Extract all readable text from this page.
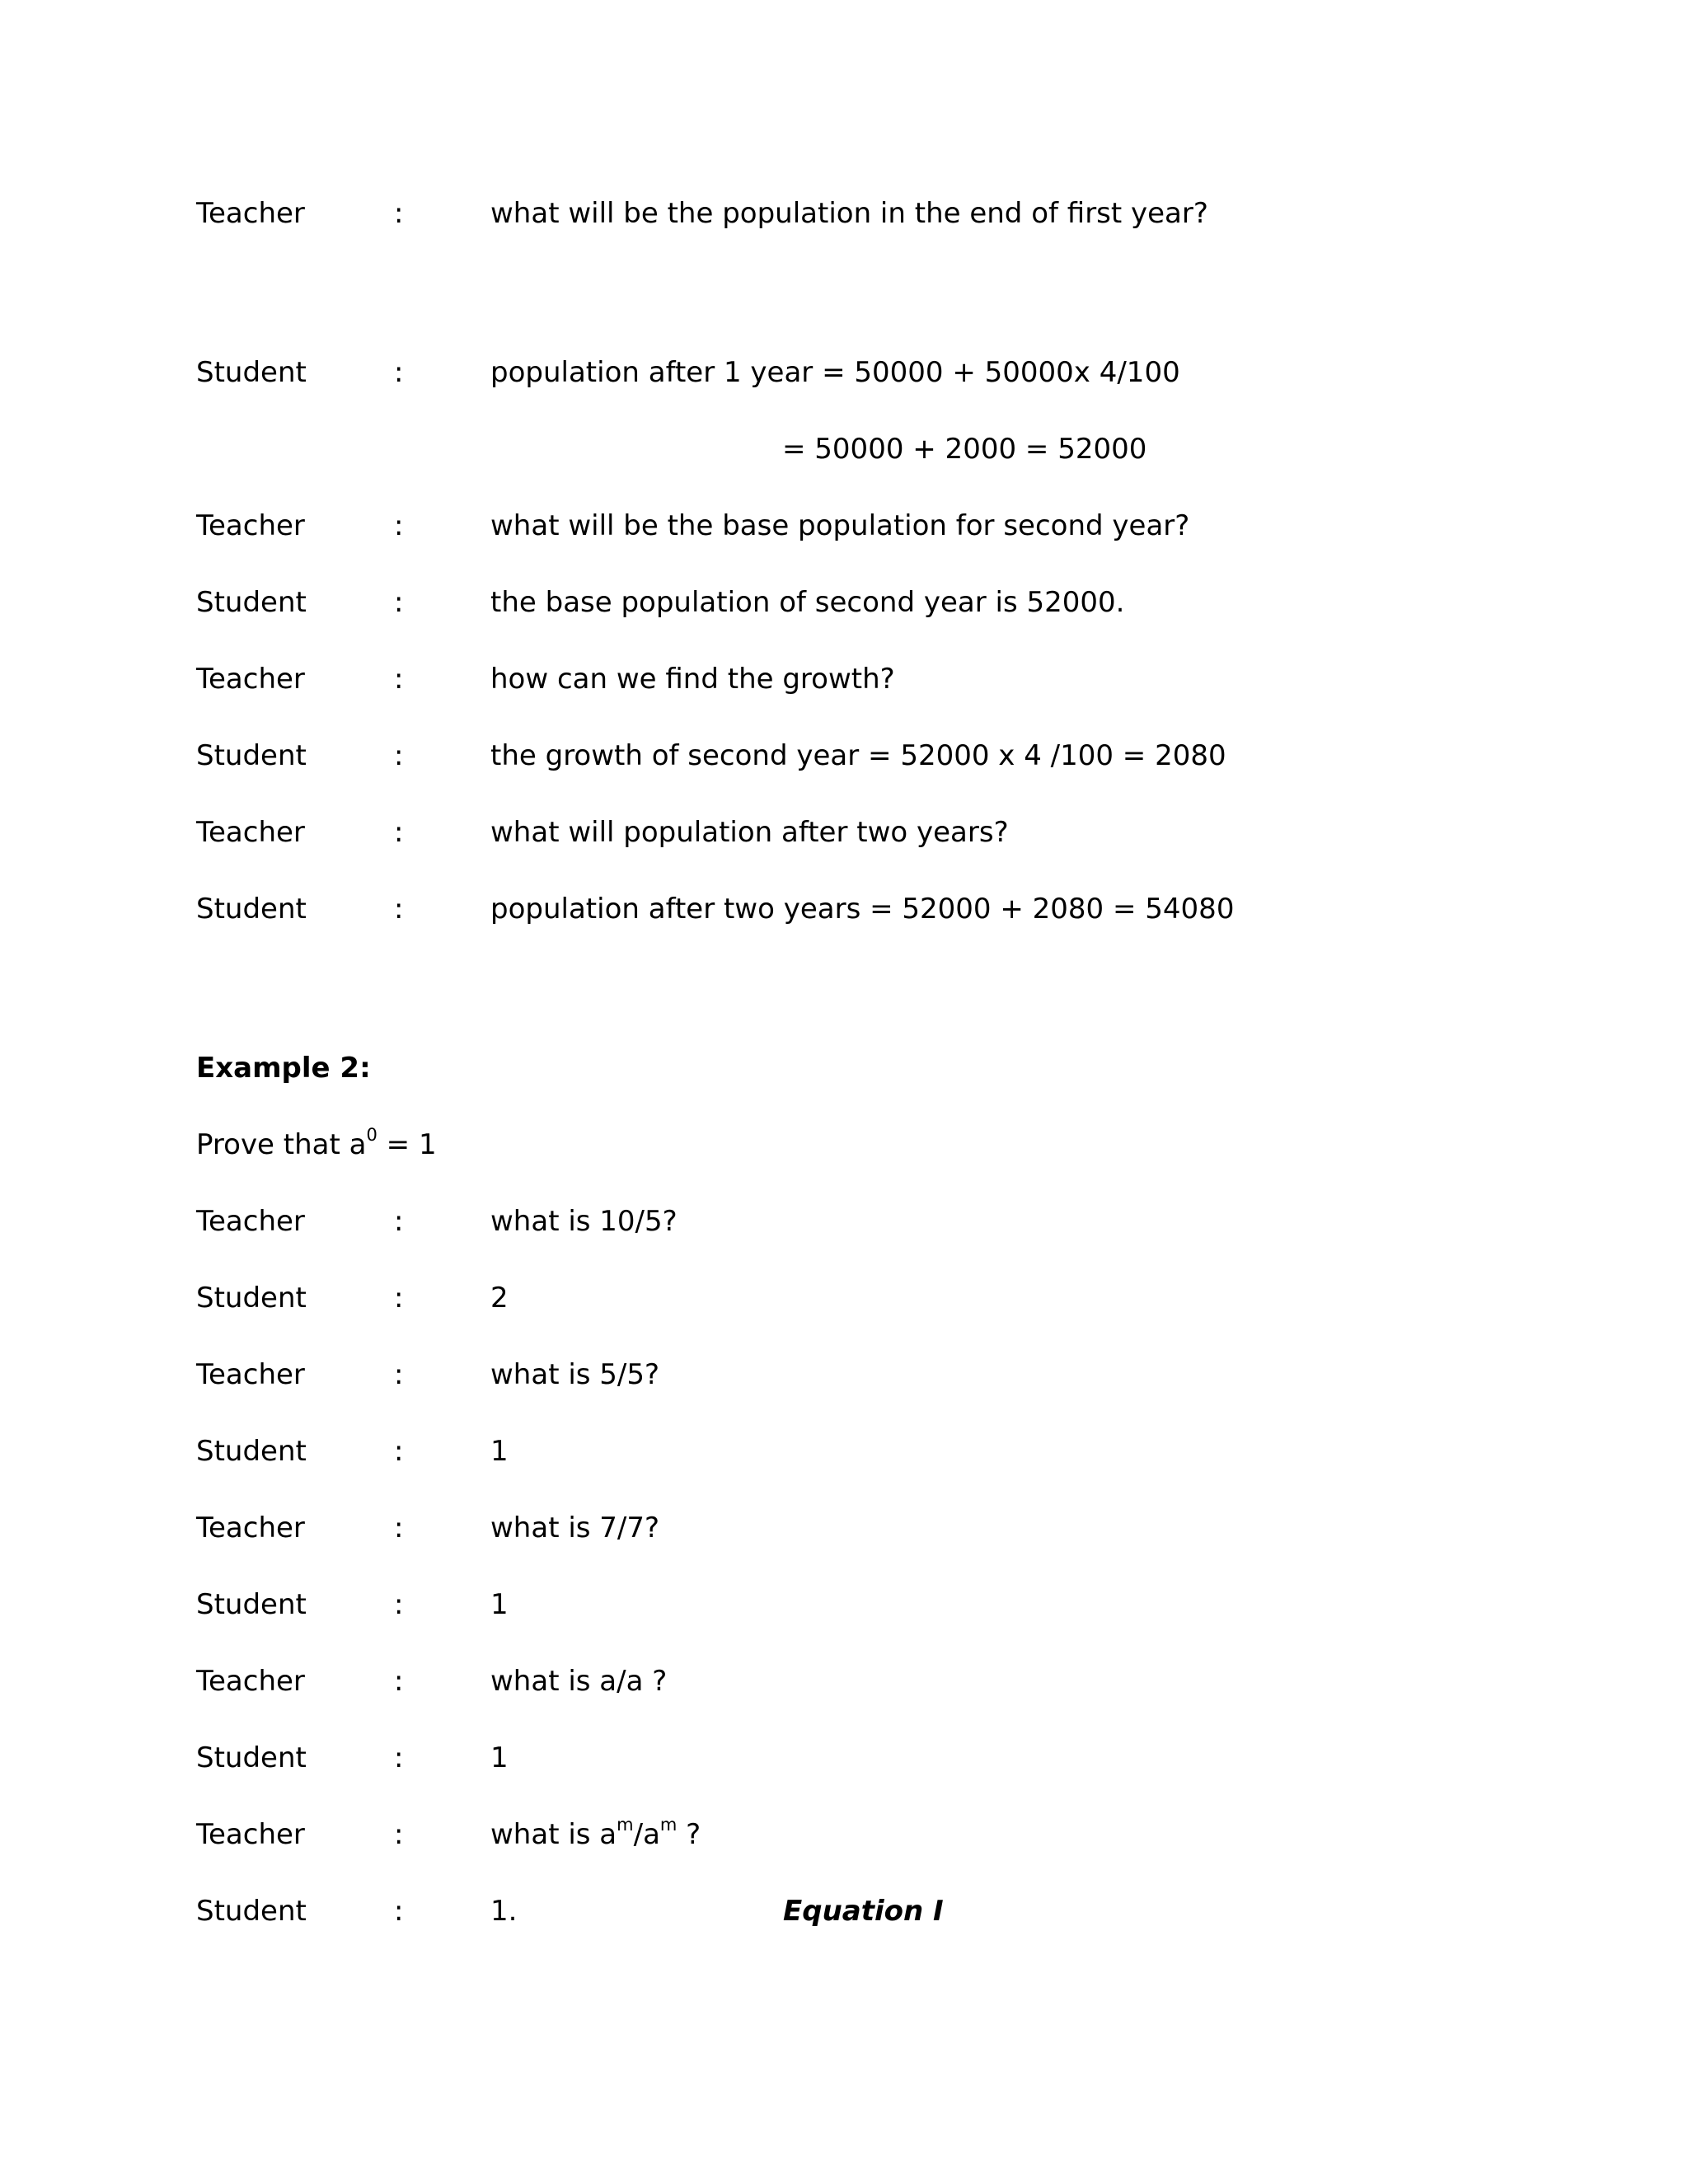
Teacher	:	what will be the population in the end of first year?
Student	:	population after 1 year = 50000 + 50000x 4/100
= 50000 + 2000 = 52000
Teacher	:	what will be the base population for second year?
Student	:	the base population of second year is 52000.
Teacher	:	how can we find the growth?
Student	:	the growth of second year = 52000 x 4 /100 = 2080
Teacher	:	what will population after two years?
Student	:	population after two years = 52000 + 2080 = 54080
Example 2:
Prove that $a^0 = 1$
Teacher	:	what is 10/5?
Student	:	2
Teacher	:	what is 5/5?
Student	:	1
Teacher	:	what is 7/7?
Student	:	1
Teacher	:	what is a/a ?
Student	:	1
Teacher	:	what is $a^m/a^m$ ?
Student	:	1.	Equation I
